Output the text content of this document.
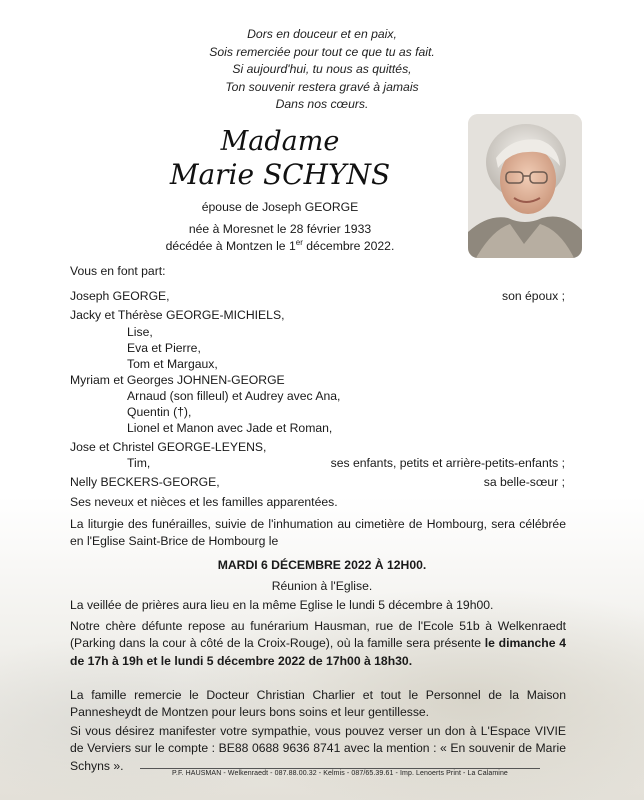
Dors en douceur et en paix,
Sois remerciée pour tout ce que tu as fait.
Si aujourd'hui, tu nous as quittés,
Ton souvenir restera gravé à jamais
Dans nos cœurs.
Madame
Marie SCHYNS
épouse de Joseph GEORGE
née à Moresnet le 28 février 1933
décédée à Montzen le 1er décembre 2022.
Vous en font part:
Joseph GEORGE,	son époux ;
Jacky et Thérèse GEORGE-MICHIELS,
Lise,
Eva et Pierre,
Tom et Margaux,
Myriam et Georges JOHNEN-GEORGE
Arnaud (son filleul) et Audrey avec Ana,
Quentin (†),
Lionel et Manon avec Jade et Roman,
Jose et Christel GEORGE-LEYENS,
Tim,	ses enfants, petits et arrière-petits-enfants ;
Nelly BECKERS-GEORGE,	sa belle-sœur ;
Ses neveux et nièces et les familles apparentées.
La liturgie des funérailles, suivie de l'inhumation au cimetière de Hombourg, sera célébrée en l'Eglise Saint-Brice de Hombourg le
MARDI 6 DÉCEMBRE 2022 À 12H00.
Réunion à l'Eglise.
La veillée de prières aura lieu en la même Eglise le lundi 5 décembre à 19h00.
Notre chère défunte repose au funérarium Hausman, rue de l'Ecole 51b à Welkenraedt (Parking dans la cour à côté de la Croix-Rouge), où la famille sera présente le dimanche 4 de 17h à 19h et le lundi 5 décembre 2022 de 17h00 à 18h30.
La famille remercie le Docteur Christian Charlier et tout le Personnel de la Maison Pannesheydt de Montzen pour leurs bons soins et leur gentillesse.
Si vous désirez manifester votre sympathie, vous pouvez verser un don à L'Espace VIVIE de Verviers sur le compte : BE88 0688 9636 8741 avec la mention : « En souvenir de Marie Schyns ».
P.F. HAUSMAN - Welkenraedt - 087.88.00.32 - Kelmis - 087/65.39.61 - Imp. Lenoerts Print - La Calamine
